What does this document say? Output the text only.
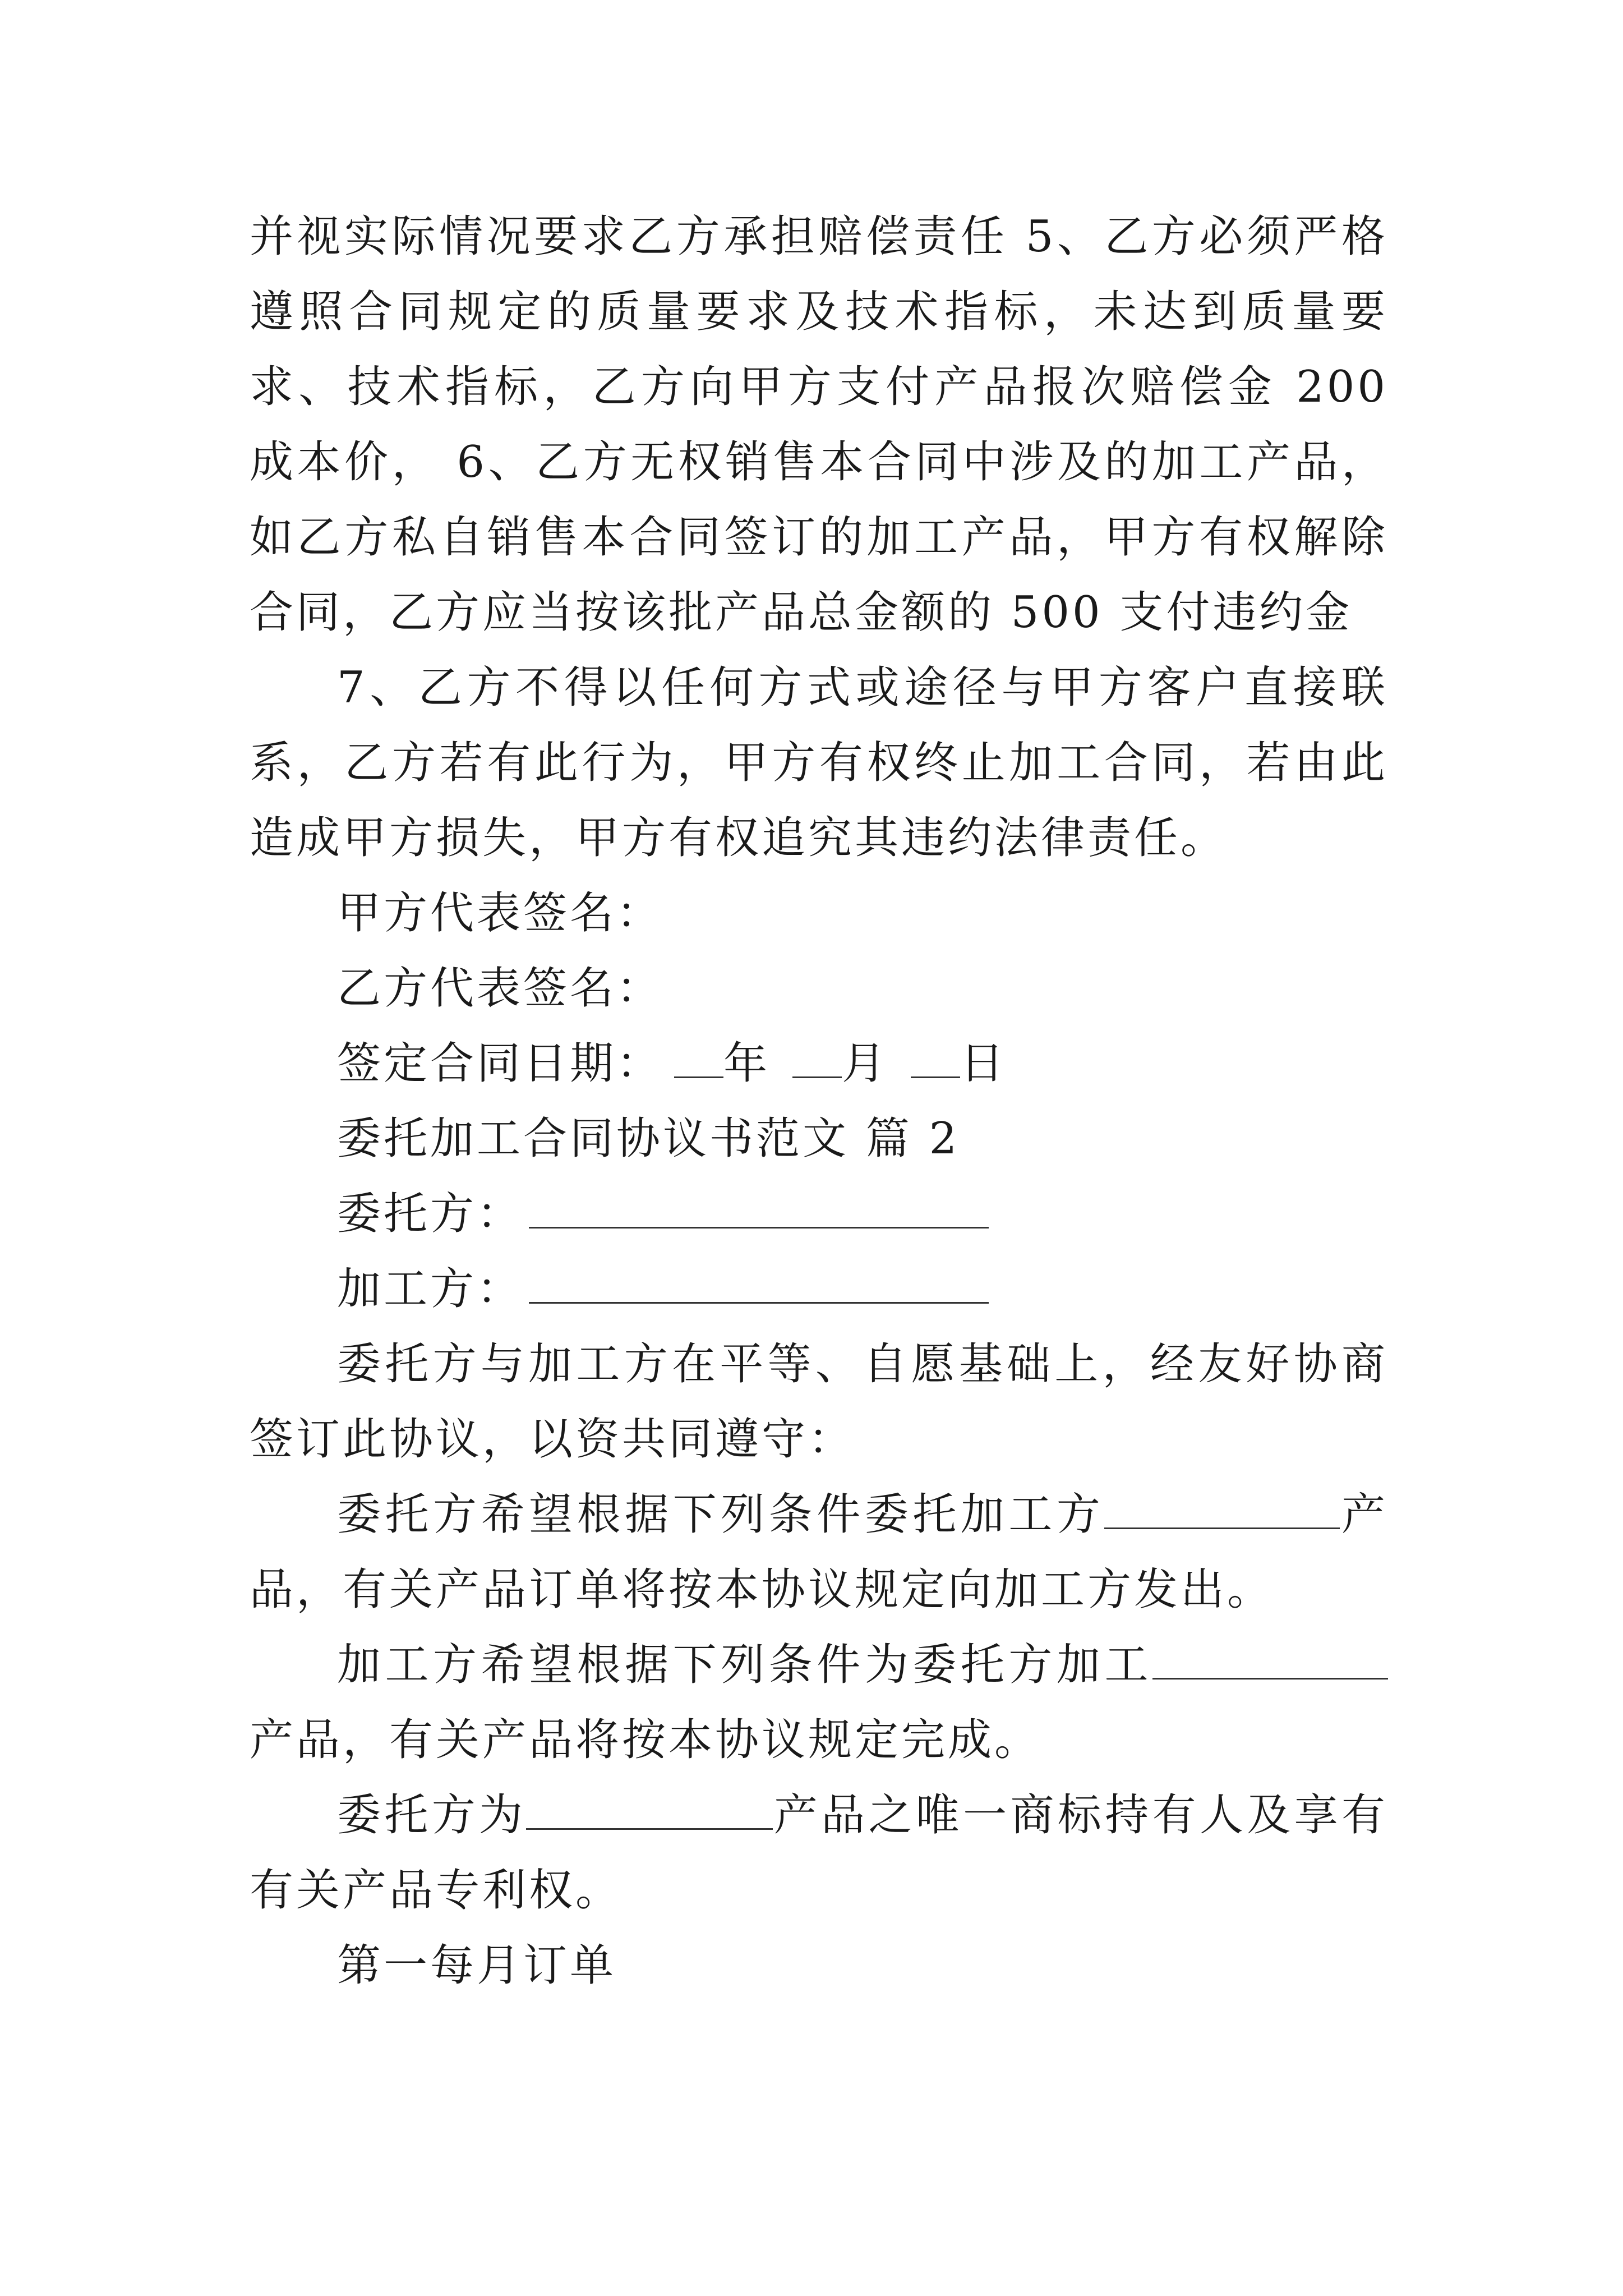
并视实际情况要求乙方承担赔偿责任 5、乙方必须严格遵照合同规定的质量要求及技术指标，未达到质量要求、技术指标，乙方向甲方支付产品报次赔偿金 200 成本价， 6、乙方无权销售本合同中涉及的加工产品，如乙方私自销售本合同签订的加工产品，甲方有权解除合同，乙方应当按该批产品总金额的 500 支付违约金

7、乙方不得以任何方式或途径与甲方客户直接联系，乙方若有此行为，甲方有权终止加工合同，若由此造成甲方损失，甲方有权追究其违约法律责任。

甲方代表签名：

乙方代表签名：

签定合同日期： 年 月 日

委托加工合同协议书范文 篇 2

委托方：

加工方：

委托方与加工方在平等、自愿基础上，经友好协商签订此协议，以资共同遵守：

委托方希望根据下列条件委托加工方	产品，有关产品订单将按本协议规定向加工方发出。

加工方希望根据下列条件为委托方加工产品，有关产品将按本协议规定完成。

委托方为	产品之唯一商标持有人及享有有关产品专利权。

第一每月订单
